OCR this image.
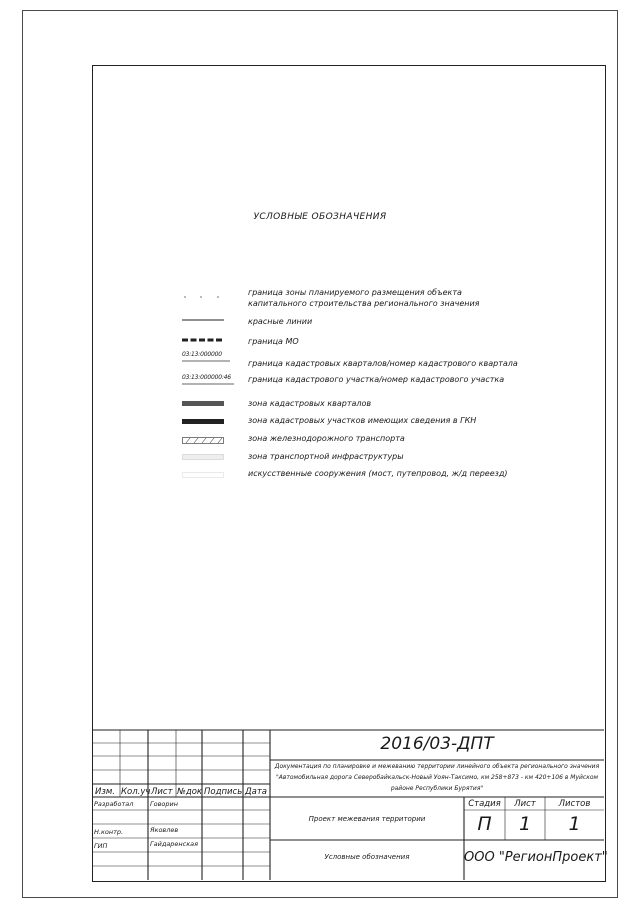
УСЛОВНЫЕ ОБОЗНАЧЕНИЯ
03:13:000000
03:13:000000:46
граница зоны планируемого размещения объекта капитального строительства регионального значения
красные линии
граница МО
граница кадастровых кварталов/номер кадастрового квартала
граница кадастрового участка/номер кадастрового участка
зона кадастровых кварталов
зона кадастровых участков имеющих сведения в ГКН
зона железнодорожного транспорта
зона транспортной инфраструктуры
искусственные сооружения (мост, путепровод, ж/д переезд)
2016/03-ДПТ
Документация по планировке и межеванию территории линейного объекта регионального значения "Автомобильная дорога Северобайкальск-Новый Уоян-Таксимо, км 258+873 - км 420+106 в Муйском районе Республики Бурятия"
Изм. Кол.уч Лист №док Подпись Дата
Разработал	Говорин
Н.контр.	Яковлев
ГИП	Гайдаренская
Проект межевания территории
Условные обозначения
Стадия	Лист	Листов
П	1	1
ООО "РегионПроект"
